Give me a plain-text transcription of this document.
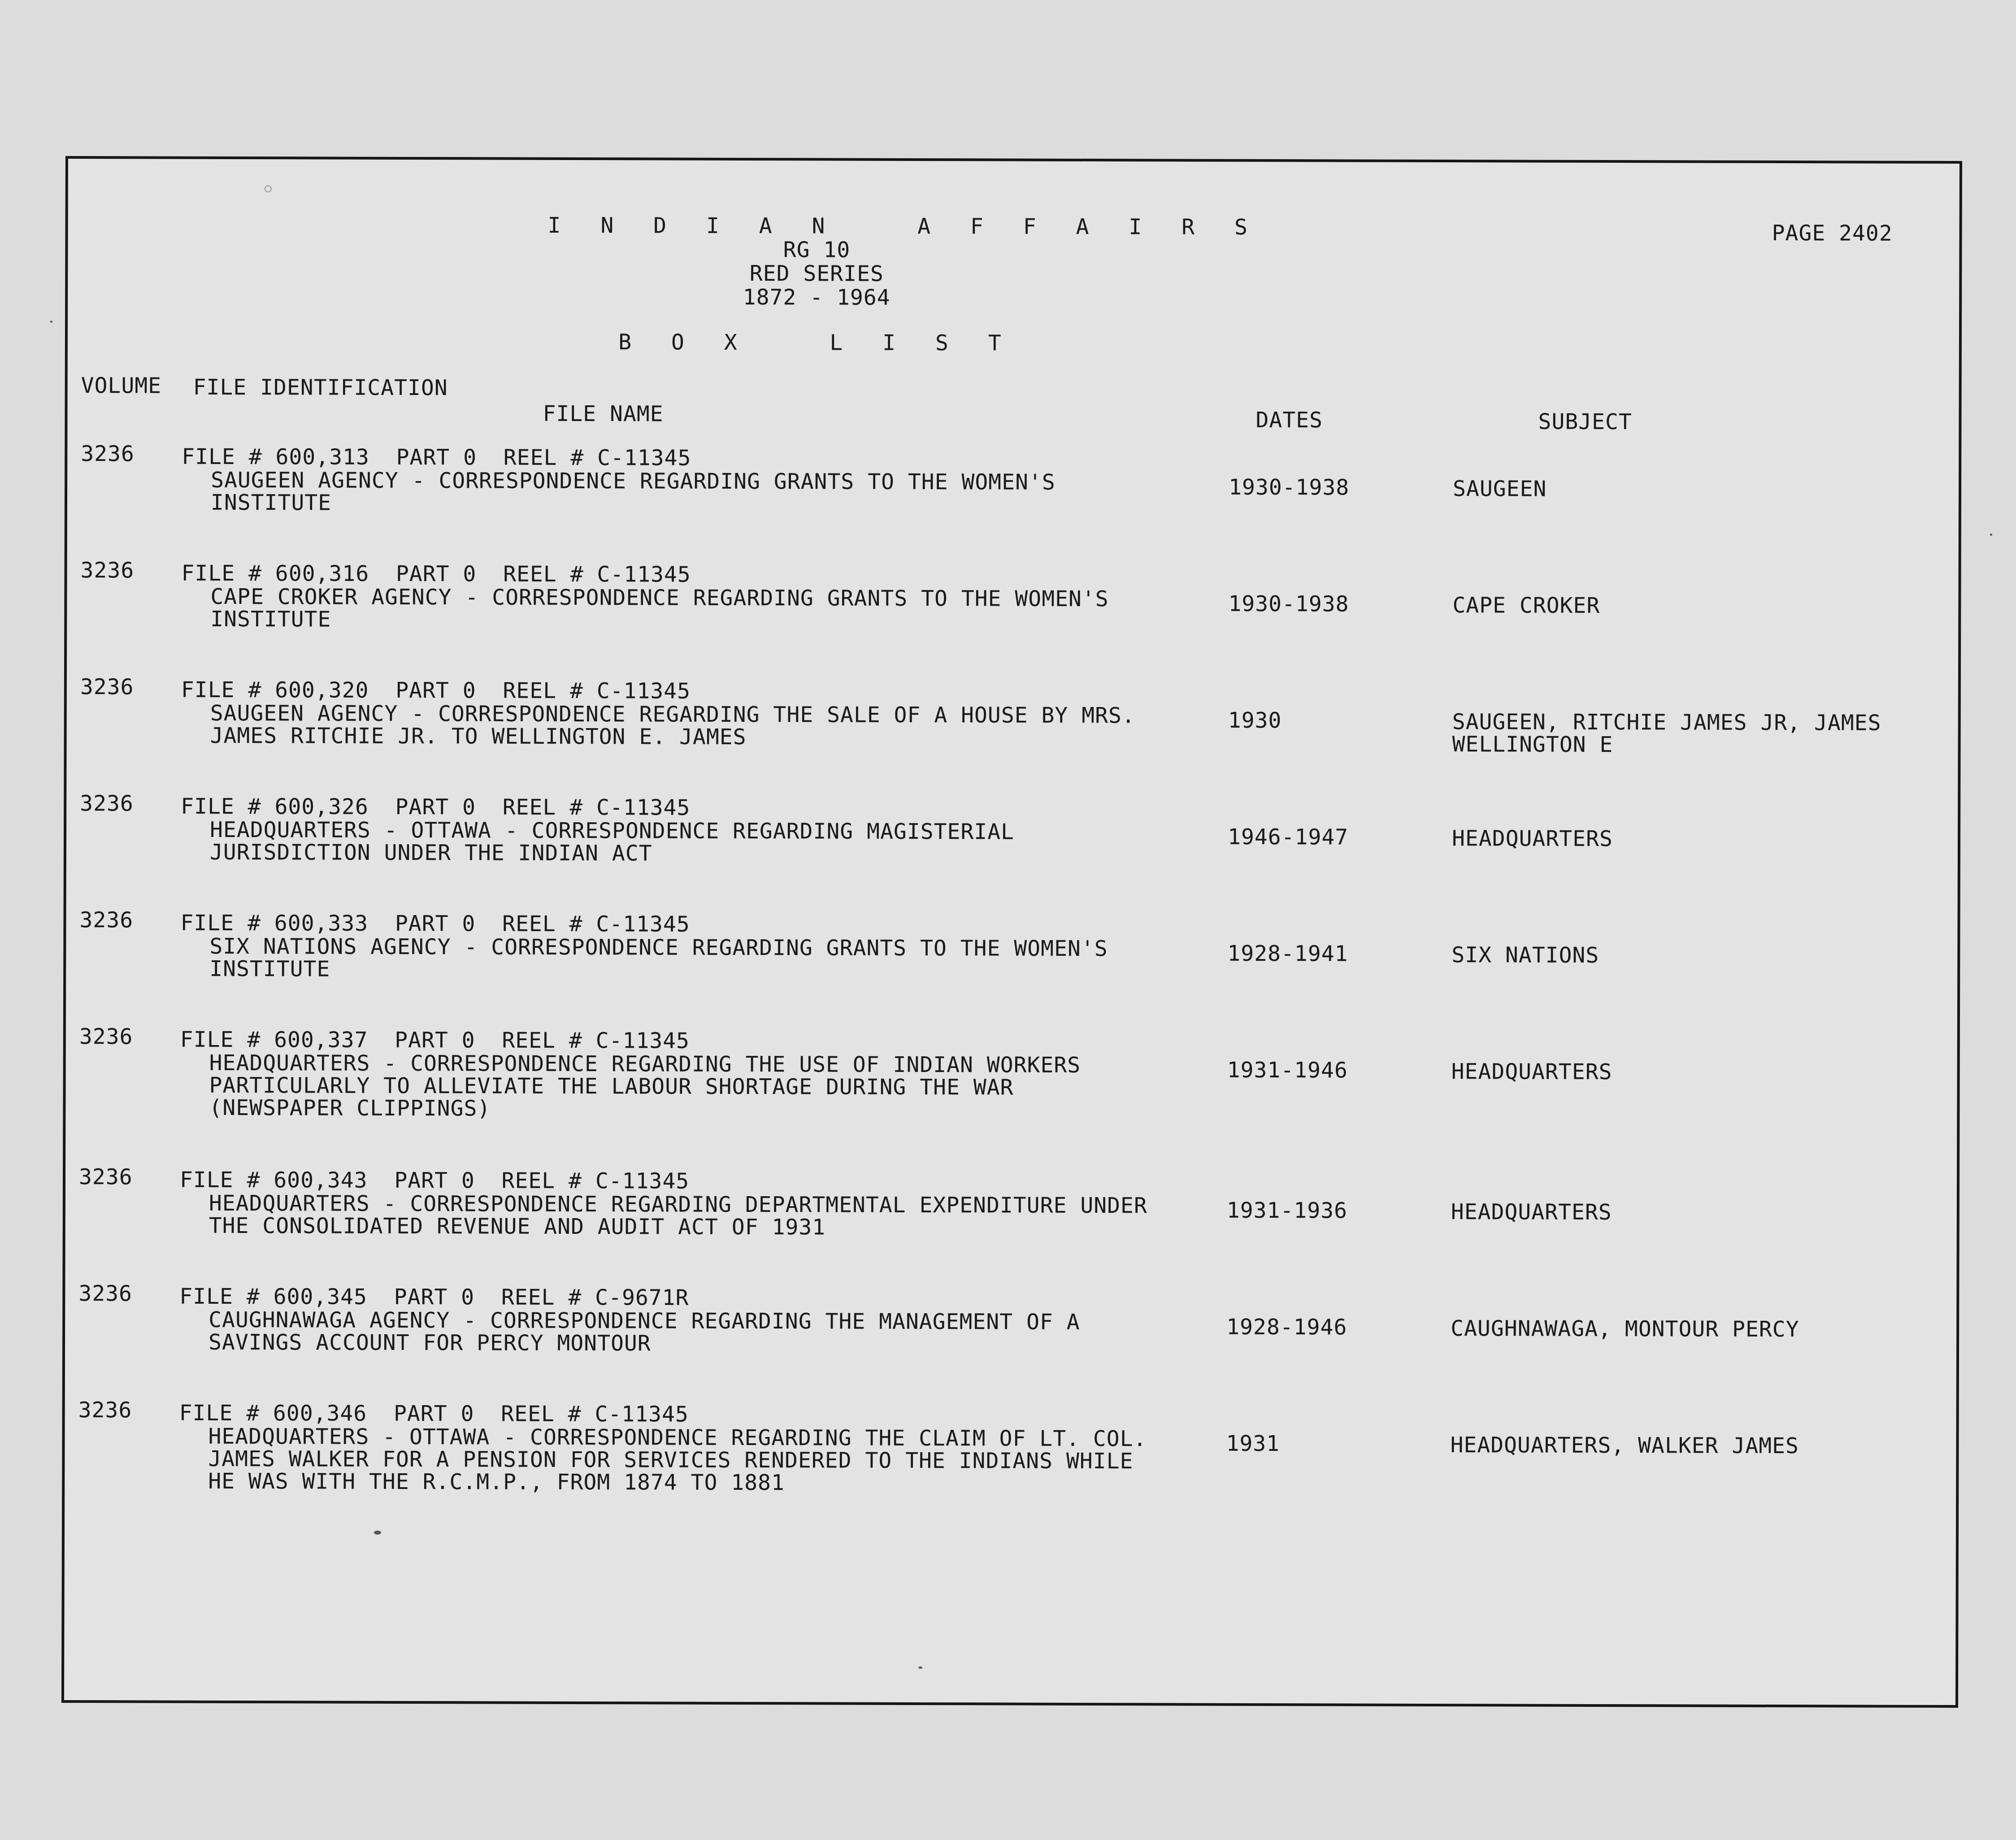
I N D I A N   A F F A I R S
RG 10
RED SERIES
1872 - 1964
B O X   L I S T
PAGE 2402
VOLUME FILE IDENTIFICATION
FILE NAME	DATES	SUBJECT
3236 FILE # 600,313  PART 0  REEL # C-11345
SAUGEEN AGENCY - CORRESPONDENCE REGARDING GRANTS TO THE WOMEN'S
INSTITUTE
1930-1938	SAUGEEN
3236 FILE # 600,316  PART 0  REEL # C-11345
CAPE CROKER AGENCY - CORRESPONDENCE REGARDING GRANTS TO THE WOMEN'S
INSTITUTE
1930-1938	CAPE CROKER
3236 FILE # 600,320  PART 0  REEL # C-11345
SAUGEEN AGENCY - CORRESPONDENCE REGARDING THE SALE OF A HOUSE BY MRS.
JAMES RITCHIE JR. TO WELLINGTON E. JAMES
1930	SAUGEEN, RITCHIE JAMES JR, JAMES
WELLINGTON E
3236 FILE # 600,326  PART 0  REEL # C-11345
HEADQUARTERS - OTTAWA - CORRESPONDENCE REGARDING MAGISTERIAL
JURISDICTION UNDER THE INDIAN ACT
1946-1947	HEADQUARTERS
3236 FILE # 600,333  PART 0  REEL # C-11345
SIX NATIONS AGENCY - CORRESPONDENCE REGARDING GRANTS TO THE WOMEN'S
INSTITUTE
1928-1941	SIX NATIONS
3236 FILE # 600,337  PART 0  REEL # C-11345
HEADQUARTERS - CORRESPONDENCE REGARDING THE USE OF INDIAN WORKERS
PARTICULARLY TO ALLEVIATE THE LABOUR SHORTAGE DURING THE WAR
(NEWSPAPER CLIPPINGS)
1931-1946	HEADQUARTERS
3236 FILE # 600,343  PART 0  REEL # C-11345
HEADQUARTERS - CORRESPONDENCE REGARDING DEPARTMENTAL EXPENDITURE UNDER
THE CONSOLIDATED REVENUE AND AUDIT ACT OF 1931
1931-1936	HEADQUARTERS
3236 FILE # 600,345  PART 0  REEL # C-9671R
CAUGHNAWAGA AGENCY - CORRESPONDENCE REGARDING THE MANAGEMENT OF A
SAVINGS ACCOUNT FOR PERCY MONTOUR
1928-1946	CAUGHNAWAGA, MONTOUR PERCY
3236 FILE # 600,346  PART 0  REEL # C-11345
HEADQUARTERS - OTTAWA - CORRESPONDENCE REGARDING THE CLAIM OF LT. COL.
JAMES WALKER FOR A PENSION FOR SERVICES RENDERED TO THE INDIANS WHILE
HE WAS WITH THE R.C.M.P., FROM 1874 TO 1881
1931	HEADQUARTERS, WALKER JAMES
